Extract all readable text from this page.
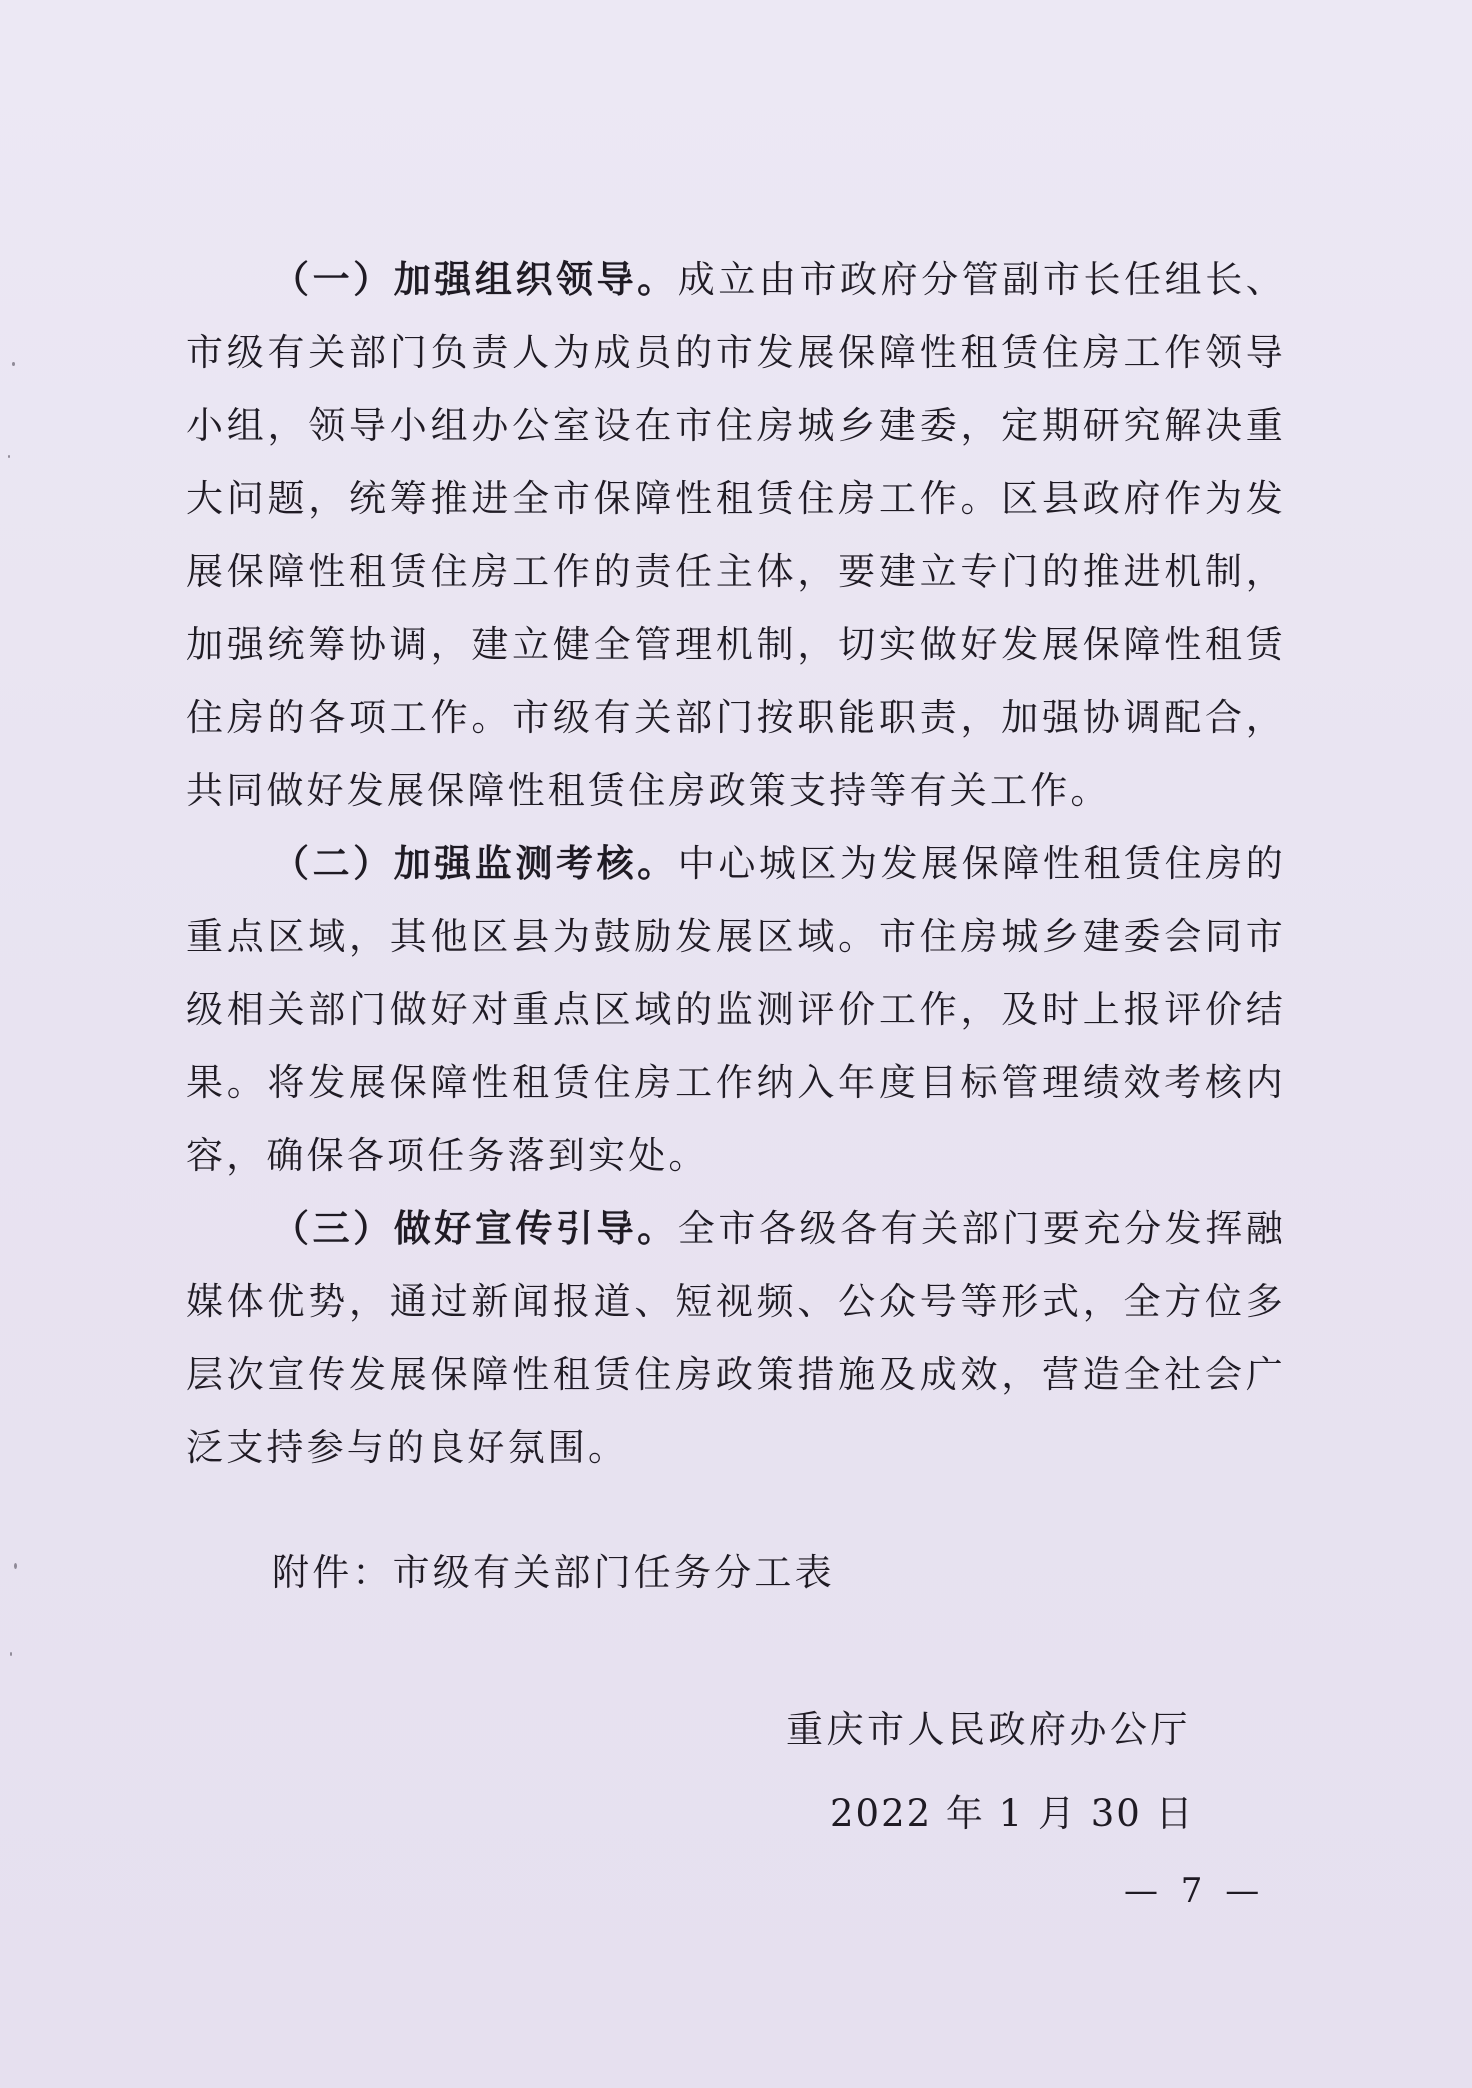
（一）加强组织领导。成立由市政府分管副市长任组长、市级有关部门负责人为成员的市发展保障性租赁住房工作领导小组，领导小组办公室设在市住房城乡建委，定期研究解决重大问题，统筹推进全市保障性租赁住房工作。区县政府作为发展保障性租赁住房工作的责任主体，要建立专门的推进机制，加强统筹协调，建立健全管理机制，切实做好发展保障性租赁住房的各项工作。市级有关部门按职能职责，加强协调配合，共同做好发展保障性租赁住房政策支持等有关工作。

（二）加强监测考核。中心城区为发展保障性租赁住房的重点区域，其他区县为鼓励发展区域。市住房城乡建委会同市级相关部门做好对重点区域的监测评价工作，及时上报评价结果。将发展保障性租赁住房工作纳入年度目标管理绩效考核内容，确保各项任务落到实处。

（三）做好宣传引导。全市各级各有关部门要充分发挥融媒体优势，通过新闻报道、短视频、公众号等形式，全方位多层次宣传发展保障性租赁住房政策措施及成效，营造全社会广泛支持参与的良好氛围。

附件：市级有关部门任务分工表

重庆市人民政府办公厅

2022 年 1 月 30 日

— 7 —
